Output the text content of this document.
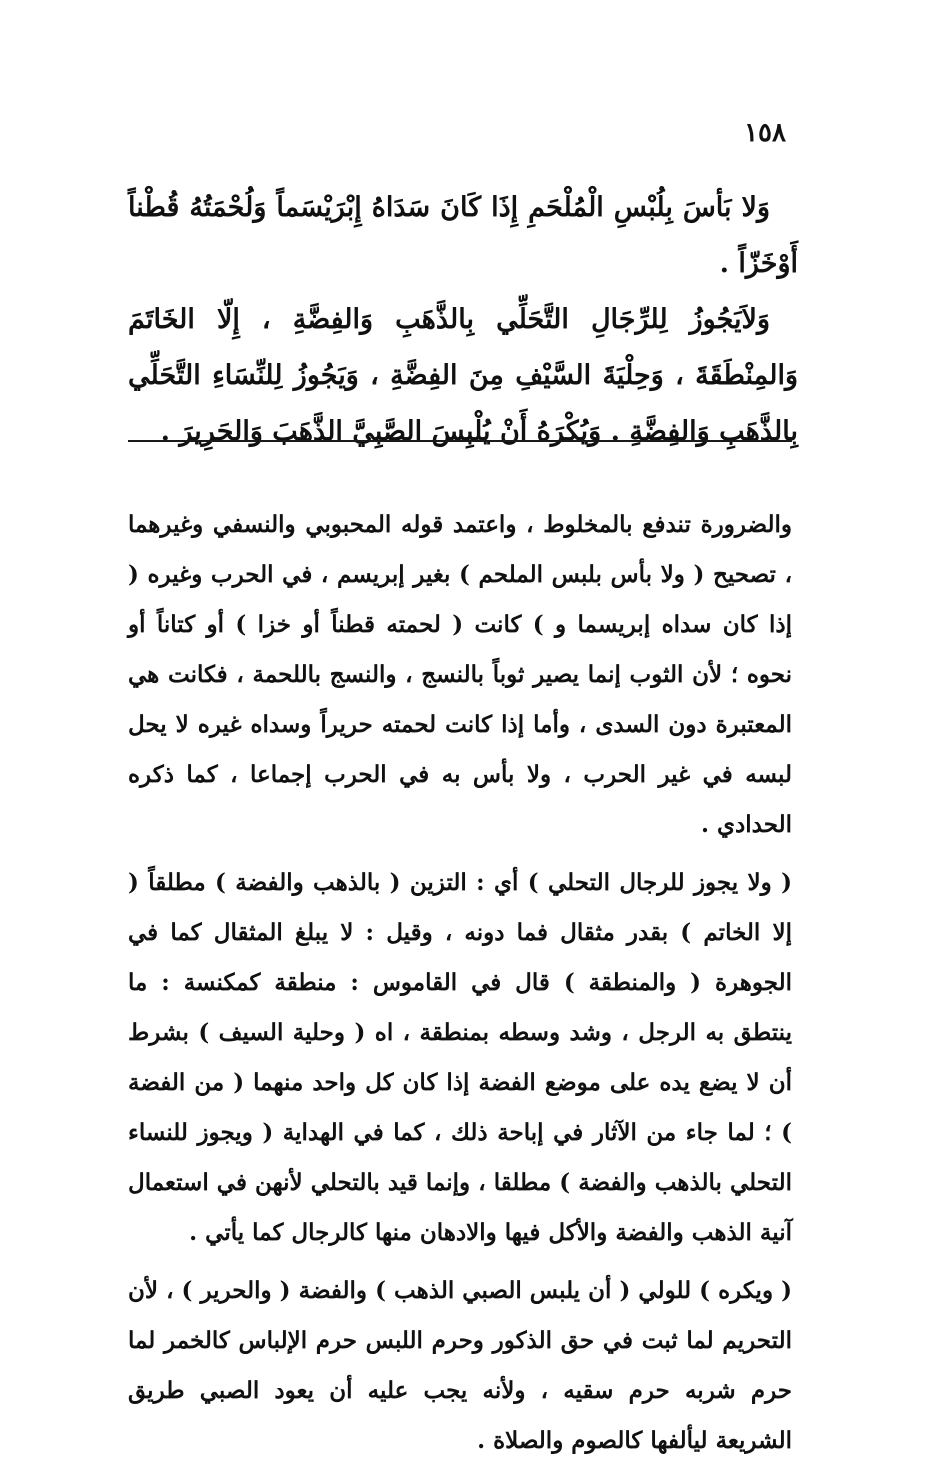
١٥٨

وَلا بَأسَ بِلُبْسِ الْمُلْحَمِ إِذَا كَانَ سَدَاهُ إِبْرَيْسَماً وَلُحْمَتُهُ قُطْناً أَوْخَزّاً .

وَلاَيَجُوزُ لِلرِّجَالِ التَّحَلِّي بِالذَّهَبِ وَالفِضَّةِ ، إِلّا الخَاتَمَ وَالمِنْطَقَةَ ، وَحِلْيَةَ السَّيْفِ مِنَ الفِضَّةِ ، وَيَجُوزُ لِلنِّسَاءِ التَّحَلِّي بِالذَّهَبِ وَالفِضَّةِ . وَيُكْرَهُ أَنْ يُلْبِسَ الصَّبِيَّ الذَّهَبَ وَالحَرِيرَ .

والضرورة تندفع بالمخلوط ، واعتمد قوله المحبوبي والنسفي وغيرهما ، تصحيح ( ولا بأس بلبس الملحم ) بغير إبريسم ، في الحرب وغيره ( إذا كان سداه إبريسما و ) كانت ( لحمته قطناً أو خزا ) أو كتاناً أو نحوه ؛ لأن الثوب إنما يصير ثوباً بالنسج ، والنسج باللحمة ، فكانت هي المعتبرة دون السدى ، وأما إذا كانت لحمته حريراً وسداه غيره لا يحل لبسه في غير الحرب ، ولا بأس به في الحرب إجماعا ، كما ذكره الحدادي .

( ولا يجوز للرجال التحلي ) أي : التزين ( بالذهب والفضة ) مطلقاً ( إلا الخاتم ) بقدر مثقال فما دونه ، وقيل : لا يبلغ المثقال كما في الجوهرة ( والمنطقة ) قال في القاموس : منطقة كمكنسة : ما ينتطق به الرجل ، وشد وسطه بمنطقة ، اه ( وحلية السيف ) بشرط أن لا يضع يده على موضع الفضة إذا كان كل واحد منهما ( من الفضة ) ؛ لما جاء من الآثار في إباحة ذلك ، كما في الهداية ( ويجوز للنساء التحلي بالذهب والفضة ) مطلقا ، وإنما قيد بالتحلي لأنهن في استعمال آنية الذهب والفضة والأكل فيها والادهان منها كالرجال كما يأتي .

( ويكره ) للولي ( أن يلبس الصبي الذهب ) والفضة ( والحرير ) ، لأن التحريم لما ثبت في حق الذكور وحرم اللبس حرم الإلباس كالخمر لما حرم شربه حرم سقيه ، ولأنه يجب عليه أن يعود الصبي طريق الشريعة ليألفها كالصوم والصلاة .
